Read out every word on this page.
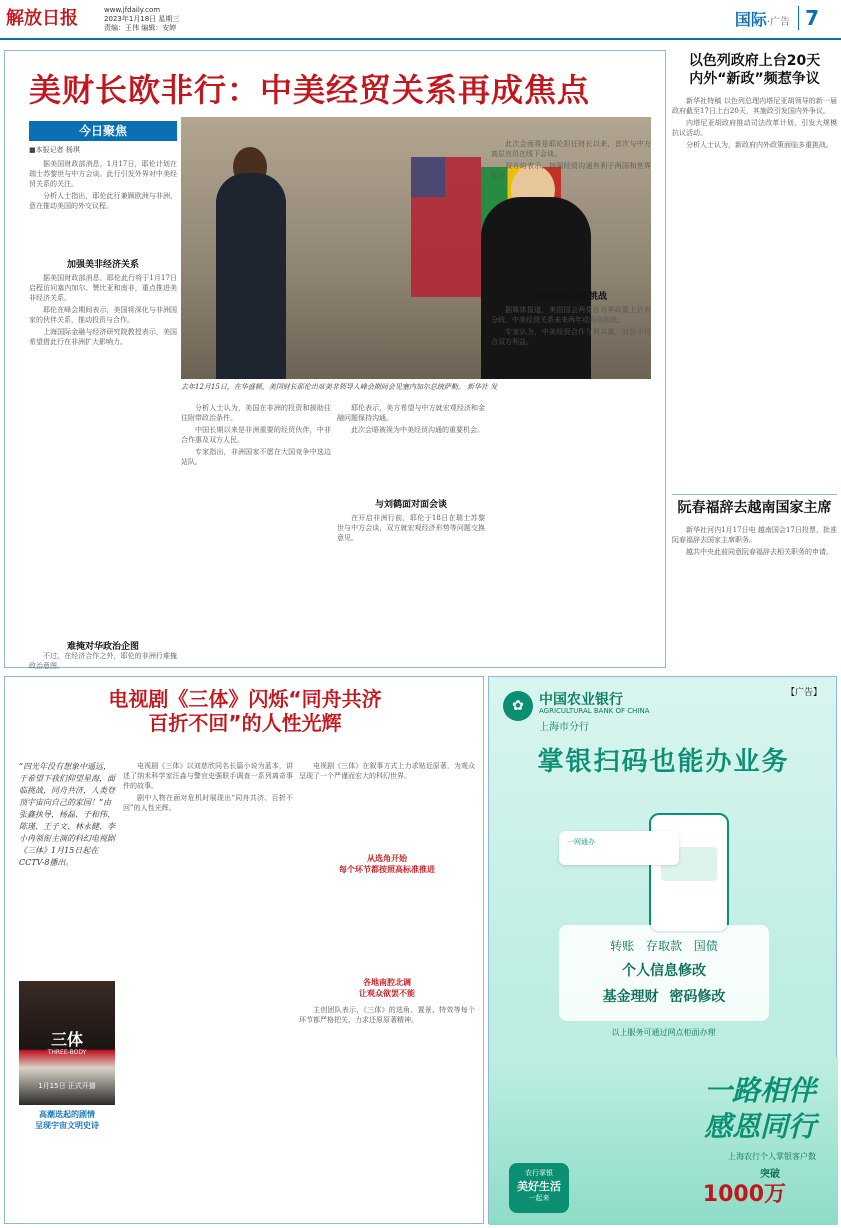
解放日报	www.jfdaily.com
2023年1月18日 星期三
责编：王伟 编辑：安婷	国际·广告 7
美财长欧非行：中美经贸关系再成焦点
今日聚焦
■本报记者 杨琪

据美国财政部消息，1月17日，耶伦计划在瑞士苏黎世与中方会谈。此行引发外界对中美经贸关系的关注。

分析人士指出，耶伦此行兼顾欧洲与非洲，意在推动美国的外交议程。

加强美非经济关系

据美国财政部消息，耶伦此行将于1月17日启程访问塞内加尔、赞比亚和南非，重点推进美非经济关系。

耶伦在峰会期间表示，美国将深化与非洲国家的伙伴关系，推动投资与合作。

上海国际金融与经济研究院教授表示，美国希望借此行在非洲扩大影响力。

难掩对华政治企图

不过，在经济合作之外，耶伦的非洲行难掩政治意图。

去年12月15日，在华盛顿，美国财长耶伦出席美非领导人峰会期间会见塞内加尔总统萨勒。 新华社 发

分析人士认为，美国在非洲的投资和援助往往附带政治条件。

中国长期以来是非洲重要的经贸伙伴，中非合作惠及双方人民。

专家指出，非洲国家不愿在大国竞争中选边站队。

耶伦表示，美方希望与中方就宏观经济和金融问题保持沟通。

此次会晤被视为中美经贸沟通的重要机会。

与刘鹤面对面会谈

在开启非洲行前，耶伦于18日在瑞士苏黎世与中方会谈，双方就宏观经济形势等问题交换意见。

此次会面将是耶伦担任财长以来，首次与中方高层官员在线下会谈。

双方均表示，加强经贸沟通有利于两国和世界经济。

未来两年面临挑战

据媒体报道，美国国会两党在对华政策上仍有分歧，中美经贸关系未来两年或面临挑战。

专家认为，中美经贸合作互利共赢，对抗不符合双方利益。

以色列政府上台20天
内外“新政”频惹争议

新华社特稿 以色列总理内塔尼亚胡领导的新一届政府截至17日上台20天，其施政引发国内外争议。

内塔尼亚胡政府推动司法改革计划，引发大规模抗议活动。

分析人士认为，新政府内外政策面临多重挑战。

阮春福辞去越南国家主席

新华社河内1月17日电 越南国会17日投票，批准阮春福辞去国家主席职务。

越共中央此前同意阮春福辞去相关职务的申请。

电视剧《三体》闪烁“同舟共济
百折不回”的人性光辉
“四光年没有想象中遥远，于希望下我们仰望星海，面临挑战，同舟共济，人类登顶宇宙向自己的家园！”由张鑫执导，杨磊、于和伟、陈瑾、王子文、林永健、李小冉领衔主演的科幻电视剧《三体》1月15日起在CCTV-8播出。
三体
THREE-BODY
1月15日 正式开播
高潮迭起的剧情
呈现宇宙文明史诗

电视剧《三体》以刘慈欣同名长篇小说为蓝本，讲述了纳米科学家汪淼与警官史强联手调查一系列离奇事件的故事。

剧中人物在面对危机时展现出“同舟共济、百折不回”的人性光辉。

各地南腔北调
让观众欲罢不能

电视剧《三体》在叙事方式上力求贴近原著，为观众呈现了一个严谨而宏大的科幻世界。

从选角开始
每个环节都按照高标准推进

主创团队表示，《三体》的选角、置景、特效等每个环节都严格把关，力求还原原著精神。

【广告】
✿	中国农业银行
AGRICULTURAL BANK OF CHINA
上海市分行
掌银扫码也能办业务
一网通办
转账 存取款 国债
个人信息修改
基金理财 密码修改
以上服务可通过网点柜面办理
一路相伴
感恩同行
上海农行个人掌银客户数
突破
1000万
农行掌银
美好生活
一起来
